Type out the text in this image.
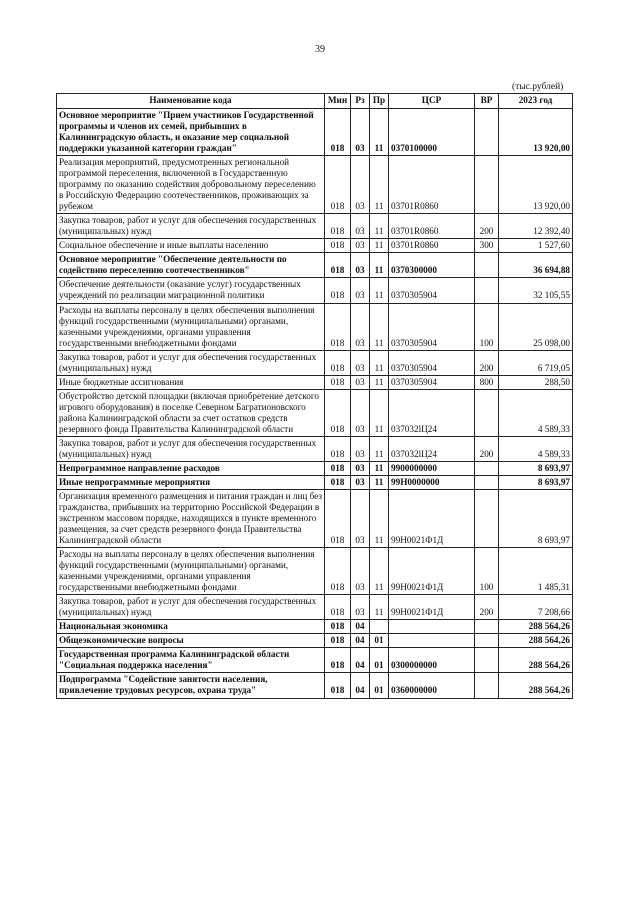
39
(тыс.рублей)
Наименование кода	Мин	Рз	Пр	ЦСР	ВР	2023 год
Основное мероприятие "Прием участников Государственной программы и членов их семей, прибывших в Калининградскую область, и оказание мер социальной поддержки указанной категории граждан"	018	03	11	0370100000		13 920,00
Реализация мероприятий, предусмотренных региональной программой переселения, включенной в Государственную программу по оказанию содействия добровольному переселению в Российскую Федерацию соотечественников, проживающих за рубежом	018	03	11	03701R0860		13 920,00
Закупка товаров, работ и услуг для обеспечения государственных (муниципальных) нужд	018	03	11	03701R0860	200	12 392,40
Социальное обеспечение и иные выплаты населению	018	03	11	03701R0860	300	1 527,60
Основное мероприятие "Обеспечение деятельности по содействию переселению соотечественников"	018	03	11	0370300000		36 694,88
Обеспечение деятельности (оказание услуг) государственных учреждений по реализации миграционной политики	018	03	11	0370305904		32 105,55
Расходы на выплаты персоналу в целях обеспечения выполнения функций государственными (муниципальными) органами, казенными учреждениями, органами управления государственными внебюджетными фондами	018	03	11	0370305904	100	25 098,00
Закупка товаров, работ и услуг для обеспечения государственных (муниципальных) нужд	018	03	11	0370305904	200	6 719,05
Иные бюджетные ассигнования	018	03	11	0370305904	800	288,50
Обустройство детской площадки (включая приобретение детского игрового оборудования) в поселке Северном Багратионовского района Калининградской области за счет остатков средств резервного фонда Правительства Калининградской области	018	03	11	037032lЦ24		4 589,33
Закупка товаров, работ и услуг для обеспечения государственных (муниципальных) нужд	018	03	11	037032lЦ24	200	4 589,33
Непрограммное направление расходов	018	03	11	9900000000		8 693,97
Иные непрограммные мероприятия	018	03	11	99Н0000000		8 693,97
Организация временного размещения и питания граждан и лиц без гражданства, прибывших на территорию Российской Федерации в экстренном массовом порядке, находящихся в пункте временного размещения, за счет средств резервного фонда Правительства Калининградской области	018	03	11	99Н0021Ф1Д		8 693,97
Расходы на выплаты персоналу в целях обеспечения выполнения функций государственными (муниципальными) органами, казенными учреждениями, органами управления государственными внебюджетными фондами	018	03	11	99Н0021Ф1Д	100	1 485,31
Закупка товаров, работ и услуг для обеспечения государственных (муниципальных) нужд	018	03	11	99Н0021Ф1Д	200	7 208,66
Национальная экономика	018	04				288 564,26
Общеэкономические вопросы	018	04	01			288 564,26
Государственная программа Калининградской области "Социальная поддержка населения"	018	04	01	0300000000		288 564,26
Подпрограмма "Содействие занятости населения, привлечение трудовых ресурсов, охрана труда"	018	04	01	0360000000		288 564,26
